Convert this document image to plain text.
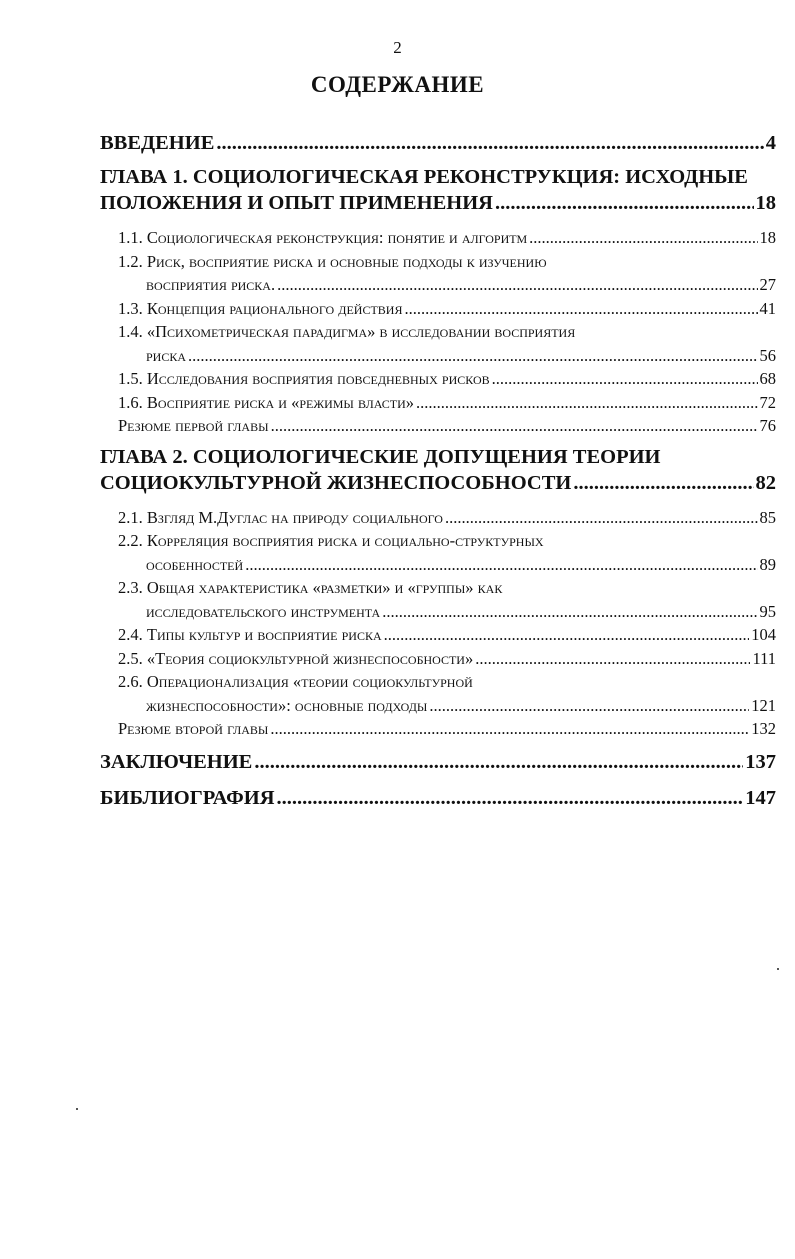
2
СОДЕРЖАНИЕ
ВВЕДЕНИЕ .....	4
ГЛАВА 1. СОЦИОЛОГИЧЕСКАЯ РЕКОНСТРУКЦИЯ: ИСХОДНЫЕ
ПОЛОЖЕНИЯ И ОПЫТ ПРИМЕНЕНИЯ .....	18
1.1. Социологическая реконструкция: понятие и алгоритм .....	18
1.2. Риск, восприятие риска и основные подходы к изучению
восприятия риска. .....	27
1.3. Концепция рационального действия .....	41
1.4. «Психометрическая парадигма» в исследовании восприятия
риска .....	56
1.5. Исследования восприятия повседневных рисков .....	68
1.6. Восприятие риска и «режимы власти» .....	72
Резюме первой главы .....	76
ГЛАВА 2. СОЦИОЛОГИЧЕСКИЕ ДОПУЩЕНИЯ ТЕОРИИ
СОЦИОКУЛЬТУРНОЙ ЖИЗНЕСПОСОБНОСТИ .....	82
2.1. Взгляд М.Дуглас на природу социального .....	85
2.2. Корреляция восприятия риска и социально-структурных
особенностей .....	89
2.3. Общая характеристика «разметки» и «группы» как
исследовательского инструмента .....	95
2.4. Типы культур и восприятие риска .....	104
2.5. «Теория социокультурной жизнеспособности» .....	111
2.6. Операционализация «теории социокультурной
жизнеспособности»: основные подходы .....	121
Резюме второй главы .....	132
ЗАКЛЮЧЕНИЕ .....	137
БИБЛИОГРАФИЯ .....	147
